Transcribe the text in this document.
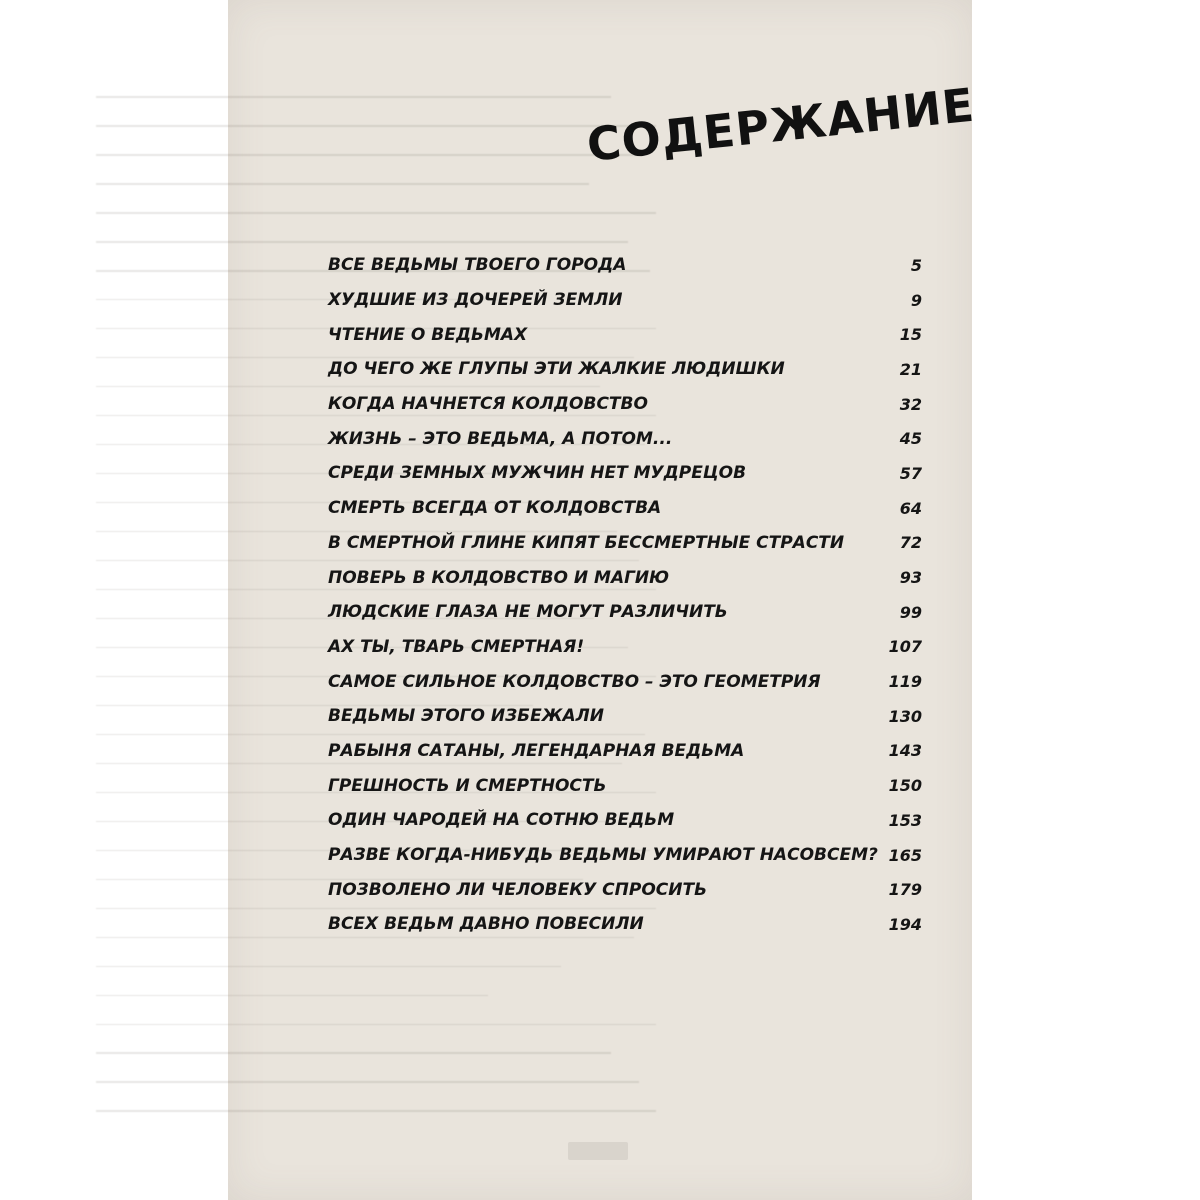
СОДЕРЖАНИЕ
ВСЕ ВЕДЬМЫ ТВОЕГО ГОРОДА	5
ХУДШИЕ ИЗ ДОЧЕРЕЙ ЗЕМЛИ	9
ЧТЕНИЕ О ВЕДЬМАХ	15
ДО ЧЕГО ЖЕ ГЛУПЫ ЭТИ ЖАЛКИЕ ЛЮДИШКИ	21
КОГДА НАЧНЕТСЯ КОЛДОВСТВО	32
ЖИЗНЬ – ЭТО ВЕДЬМА, А ПОТОМ...	45
СРЕДИ ЗЕМНЫХ МУЖЧИН НЕТ МУДРЕЦОВ	57
СМЕРТЬ ВСЕГДА ОТ КОЛДОВСТВА	64
В СМЕРТНОЙ ГЛИНЕ КИПЯТ БЕССМЕРТНЫЕ СТРАСТИ	72
ПОВЕРЬ В КОЛДОВСТВО И МАГИЮ	93
ЛЮДСКИЕ ГЛАЗА НЕ МОГУТ РАЗЛИЧИТЬ	99
АХ ТЫ, ТВАРЬ СМЕРТНАЯ!	107
САМОЕ СИЛЬНОЕ КОЛДОВСТВО – ЭТО ГЕОМЕТРИЯ	119
ВЕДЬМЫ ЭТОГО ИЗБЕЖАЛИ	130
РАБЫНЯ САТАНЫ, ЛЕГЕНДАРНАЯ ВЕДЬМА	143
ГРЕШНОСТЬ И СМЕРТНОСТЬ	150
ОДИН ЧАРОДЕЙ НА СОТНЮ ВЕДЬМ	153
РАЗВЕ КОГДА-НИБУДЬ ВЕДЬМЫ УМИРАЮТ НАСОВСЕМ? 165
ПОЗВОЛЕНО ЛИ ЧЕЛОВЕКУ СПРОСИТЬ	179
ВСЕХ ВЕДЬМ ДАВНО ПОВЕСИЛИ	194
